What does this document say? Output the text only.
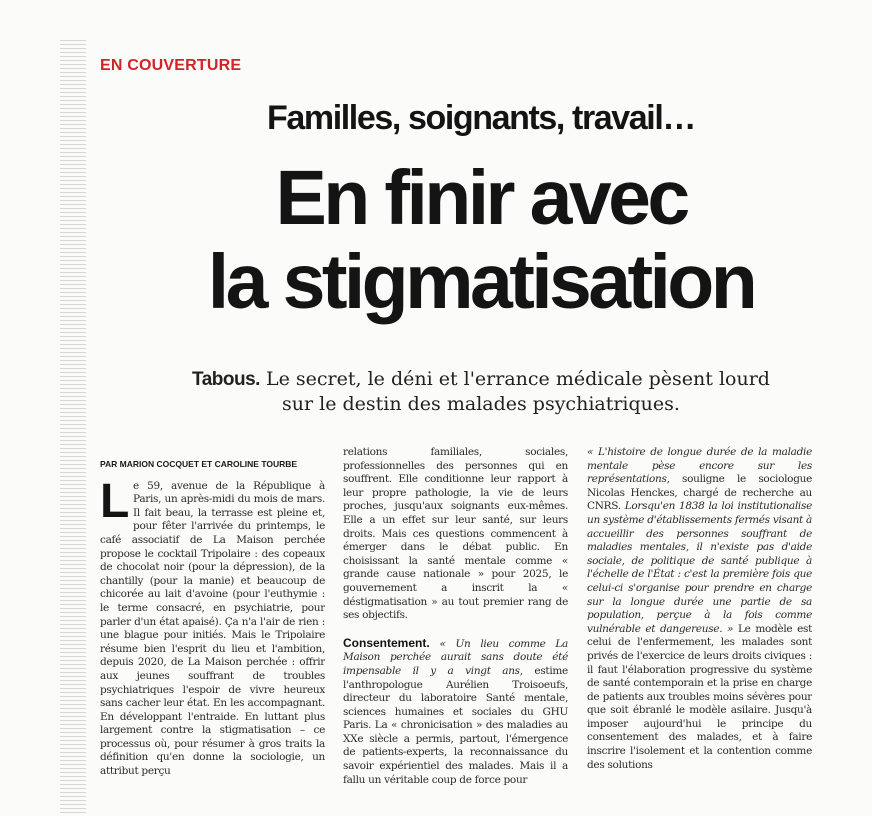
EN COUVERTURE
Familles, soignants, travail…
En finir avec
la stigmatisation
Tabous. Le secret, le déni et l'errance médicale pèsent lourd
sur le destin des malades psychiatriques.

PAR MARION COCQUET ET CAROLINE TOURBE

Le 59, avenue de la République à Paris, un après-midi du mois de mars. Il fait beau, la terrasse est pleine et, pour fêter l'arrivée du printemps, le café associatif de La Maison perchée propose le cocktail Tripolaire : des copeaux de chocolat noir (pour la dépression), de la chantilly (pour la manie) et beaucoup de chicorée au lait d'avoine (pour l'euthymie : le terme consacré, en psychiatrie, pour parler d'un état apaisé). Ça n'a l'air de rien : une blague pour initiés. Mais le Tripolaire résume bien l'esprit du lieu et l'ambition, depuis 2020, de La Maison perchée : offrir aux jeunes souffrant de troubles psychiatriques l'espoir de vivre heureux sans cacher leur état. En les accompagnant. En développant l'entraide. En luttant plus largement contre la stigmatisation – ce processus où, pour résumer à gros traits la définition qu'en donne la sociologie, un attribut perçu

relations familiales, sociales, professionnelles des personnes qui en souffrent. Elle conditionne leur rapport à leur propre pathologie, la vie de leurs proches, jusqu'aux soignants eux-mêmes. Elle a un effet sur leur santé, sur leurs droits. Mais ces questions commencent à émerger dans le débat public. En choisissant la santé mentale comme « grande cause nationale » pour 2025, le gouvernement a inscrit la « déstigmatisation » au tout premier rang de ses objectifs.

Consentement. « Un lieu comme La Maison perchée aurait sans doute été impensable il y a vingt ans, estime l'anthropologue Aurélien Troisoeufs, directeur du laboratoire Santé mentale, sciences humaines et sociales du GHU Paris. La « chronicisation » des maladies au XXe siècle a permis, partout, l'émergence de patients-experts, la reconnaissance du savoir expérientiel des malades. Mais il a fallu un véritable coup de force pour

« L'histoire de longue durée de la maladie mentale pèse encore sur les représentations, souligne le sociologue Nicolas Henckes, chargé de recherche au CNRS. Lorsqu'en 1838 la loi institutionalise un système d'établissements fermés visant à accueillir des personnes souffrant de maladies mentales, il n'existe pas d'aide sociale, de politique de santé publique à l'échelle de l'État : c'est la première fois que celui-ci s'organise pour prendre en charge sur la longue durée une partie de sa population, perçue à la fois comme vulnérable et dangereuse. » Le modèle est celui de l'enfermement, les malades sont privés de l'exercice de leurs droits civiques : il faut l'élaboration progressive du système de santé contemporain et la prise en charge de patients aux troubles moins sévères pour que soit ébranlé le modèle asilaire. Jusqu'à imposer aujourd'hui le principe du consentement des malades, et à faire inscrire l'isolement et la contention comme des solutions
